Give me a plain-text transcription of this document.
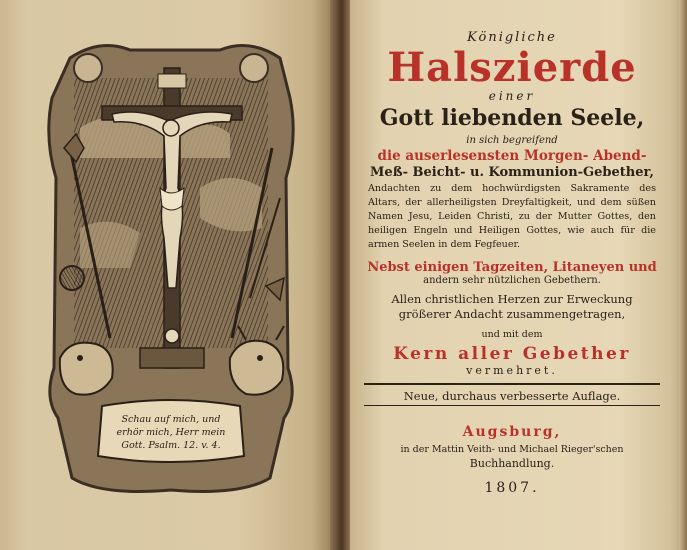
Schau auf mich, und
erhör mich, Herr mein
Gott. Psalm. 12. v. 4.
Königliche
Halszierde
einer
Gott liebenden Seele,
in sich begreifend
die auserlesensten Morgen- Abend-
Meß- Beicht- u. Kommunion-Gebether,
Andachten zu dem hochwürdigsten Sakramente des Altars, der allerheiligsten Dreyfaltigkeit, und dem süßen Namen Jesu, Leiden Christi, zu der Mutter Gottes, den heiligen Engeln und Heiligen Gottes, wie auch für die armen Seelen in dem Fegfeuer.
Nebst einigen Tagzeiten, Litaneyen und
andern sehr nützlichen Gebethern.
Allen christlichen Herzen zur Erweckung
größerer Andacht zusammengetragen,
und mit dem
Kern aller Gebether
vermehret.
Neue, durchaus verbesserte Auflage.
Augsburg,
in der Mattin Veith- und Michael Rieger'schen
Buchhandlung.
1807.
